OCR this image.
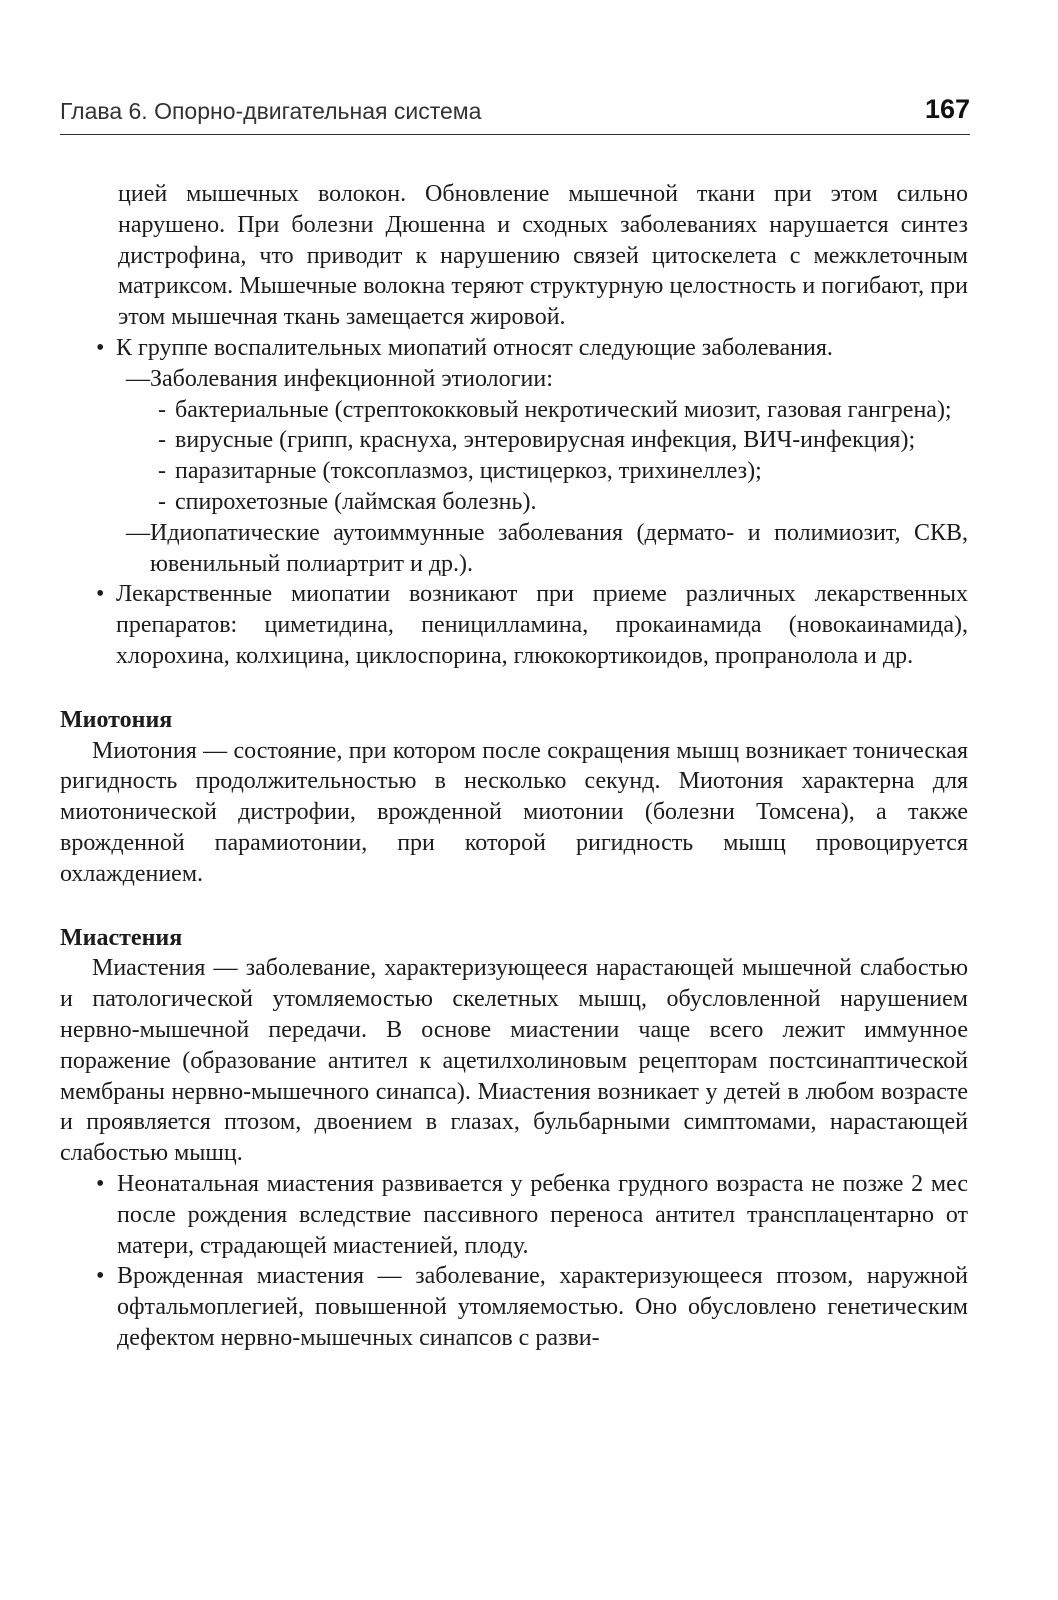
Глава 6. Опорно-двигательная система	167

цией мышечных волокон. Обновление мышечной ткани при этом сильно нарушено. При болезни Дюшенна и сходных заболеваниях нарушается синтез дистрофина, что приводит к нарушению связей цитоскелета с межклеточным матриксом. Мышечные волокна теряют структурную целостность и погибают, при этом мышечная ткань замещается жировой.

• К группе воспалительных миопатий относят следующие заболевания.

— Заболевания инфекционной этиологии:

- бактериальные (стрептококковый некротический миозит, газовая гангрена);

- вирусные (грипп, краснуха, энтеровирусная инфекция, ВИЧ-инфекция);

- паразитарные (токсоплазмоз, цистицеркоз, трихинеллез);

- спирохетозные (лаймская болезнь).

— Идиопатические аутоиммунные заболевания (дермато- и полимиозит, СКВ, ювенильный полиартрит и др.).

• Лекарственные миопатии возникают при приеме различных лекарственных препаратов: циметидина, пеницилламина, прокаинамида (новокаинамида), хлорохина, колхицина, циклоспорина, глюкокортикоидов, пропранолола и др.

Миотония

Миотония — состояние, при котором после сокращения мышц возникает тоническая ригидность продолжительностью в несколько секунд. Миотония характерна для миотонической дистрофии, врожденной миотонии (болезни Томсена), а также врожденной парамиотонии, при которой ригидность мышц провоцируется охлаждением.

Миастения

Миастения — заболевание, характеризующееся нарастающей мышечной слабостью и патологической утомляемостью скелетных мышц, обусловленной нарушением нервно-мышечной передачи. В основе миастении чаще всего лежит иммунное поражение (образование антител к ацетилхолиновым рецепторам постсинаптической мембраны нервно-мышечного синапса). Миастения возникает у детей в любом возрасте и проявляется птозом, двоением в глазах, бульбарными симптомами, нарастающей слабостью мышц.

• Неонатальная миастения развивается у ребенка грудного возраста не позже 2 мес после рождения вследствие пассивного переноса антител трансплацентарно от матери, страдающей миастенией, плоду.

• Врожденная миастения — заболевание, характеризующееся птозом, наружной офтальмоплегией, повышенной утомляемостью. Оно обусловлено генетическим дефектом нервно-мышечных синапсов с разви-
